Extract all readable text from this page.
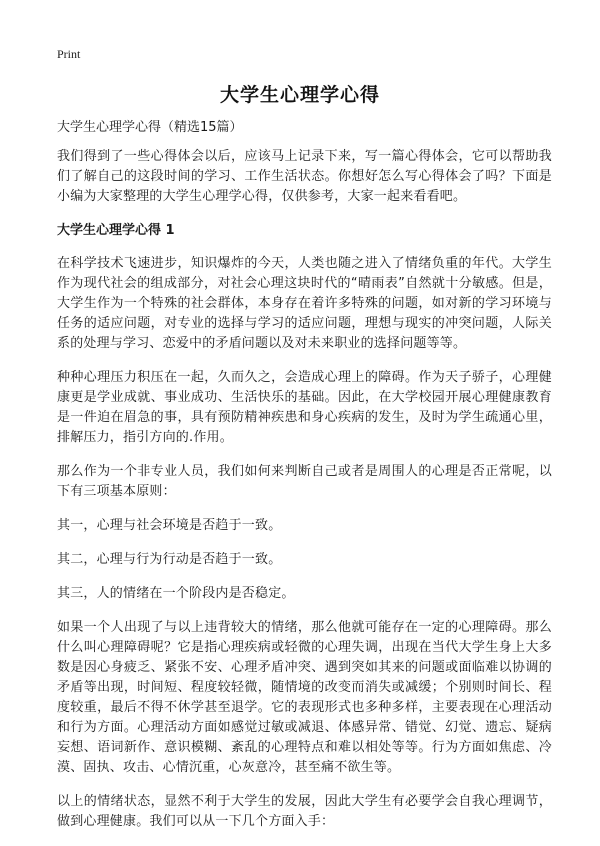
Print
大学生心理学心得
大学生心理学心得（精选15篇）

我们得到了一些心得体会以后，应该马上记录下来，写一篇心得体会，它可以帮助我们了解自己的这段时间的学习、工作生活状态。你想好怎么写心得体会了吗？下面是小编为大家整理的大学生心理学心得，仅供参考，大家一起来看看吧。

大学生心理学心得 1

在科学技术飞速进步，知识爆炸的今天，人类也随之进入了情绪负重的年代。大学生作为现代社会的组成部分，对社会心理这块时代的“晴雨表”自然就十分敏感。但是，大学生作为一个特殊的社会群体，本身存在着许多特殊的问题，如对新的学习环境与任务的适应问题，对专业的选择与学习的适应问题，理想与现实的冲突问题，人际关系的处理与学习、恋爱中的矛盾问题以及对未来职业的选择问题等等。

种种心理压力积压在一起，久而久之，会造成心理上的障碍。作为天子骄子，心理健康更是学业成就、事业成功、生活快乐的基础。因此，在大学校园开展心理健康教育是一件迫在眉急的事，具有预防精神疾患和身心疾病的发生，及时为学生疏通心里，排解压力，指引方向的.作用。

那么作为一个非专业人员，我们如何来判断自己或者是周围人的心理是否正常呢，以下有三项基本原则：

其一，心理与社会环境是否趋于一致。

其二，心理与行为行动是否趋于一致。

其三，人的情绪在一个阶段内是否稳定。

如果一个人出现了与以上违背较大的情绪，那么他就可能存在一定的心理障碍。那么什么叫心理障碍呢？它是指心理疾病或轻微的心理失调，出现在当代大学生身上大多数是因心身疲乏、紧张不安、心理矛盾冲突、遇到突如其来的问题或面临难以协调的矛盾等出现，时间短、程度较轻微，随情境的改变而消失或减缓；个别则时间长、程度较重，最后不得不休学甚至退学。它的表现形式也多种多样，主要表现在心理活动和行为方面。心理活动方面如感觉过敏或减退、体感异常、错觉、幻觉、遗忘、疑病妄想、语词新作、意识模糊、紊乱的心理特点和难以相处等等。行为方面如焦虑、冷漠、固执、攻击、心情沉重，心灰意冷，甚至痛不欲生等。

以上的情绪状态，显然不利于大学生的发展，因此大学生有必要学会自我心理调节，做到心理健康。我们可以从一下几个方面入手：
